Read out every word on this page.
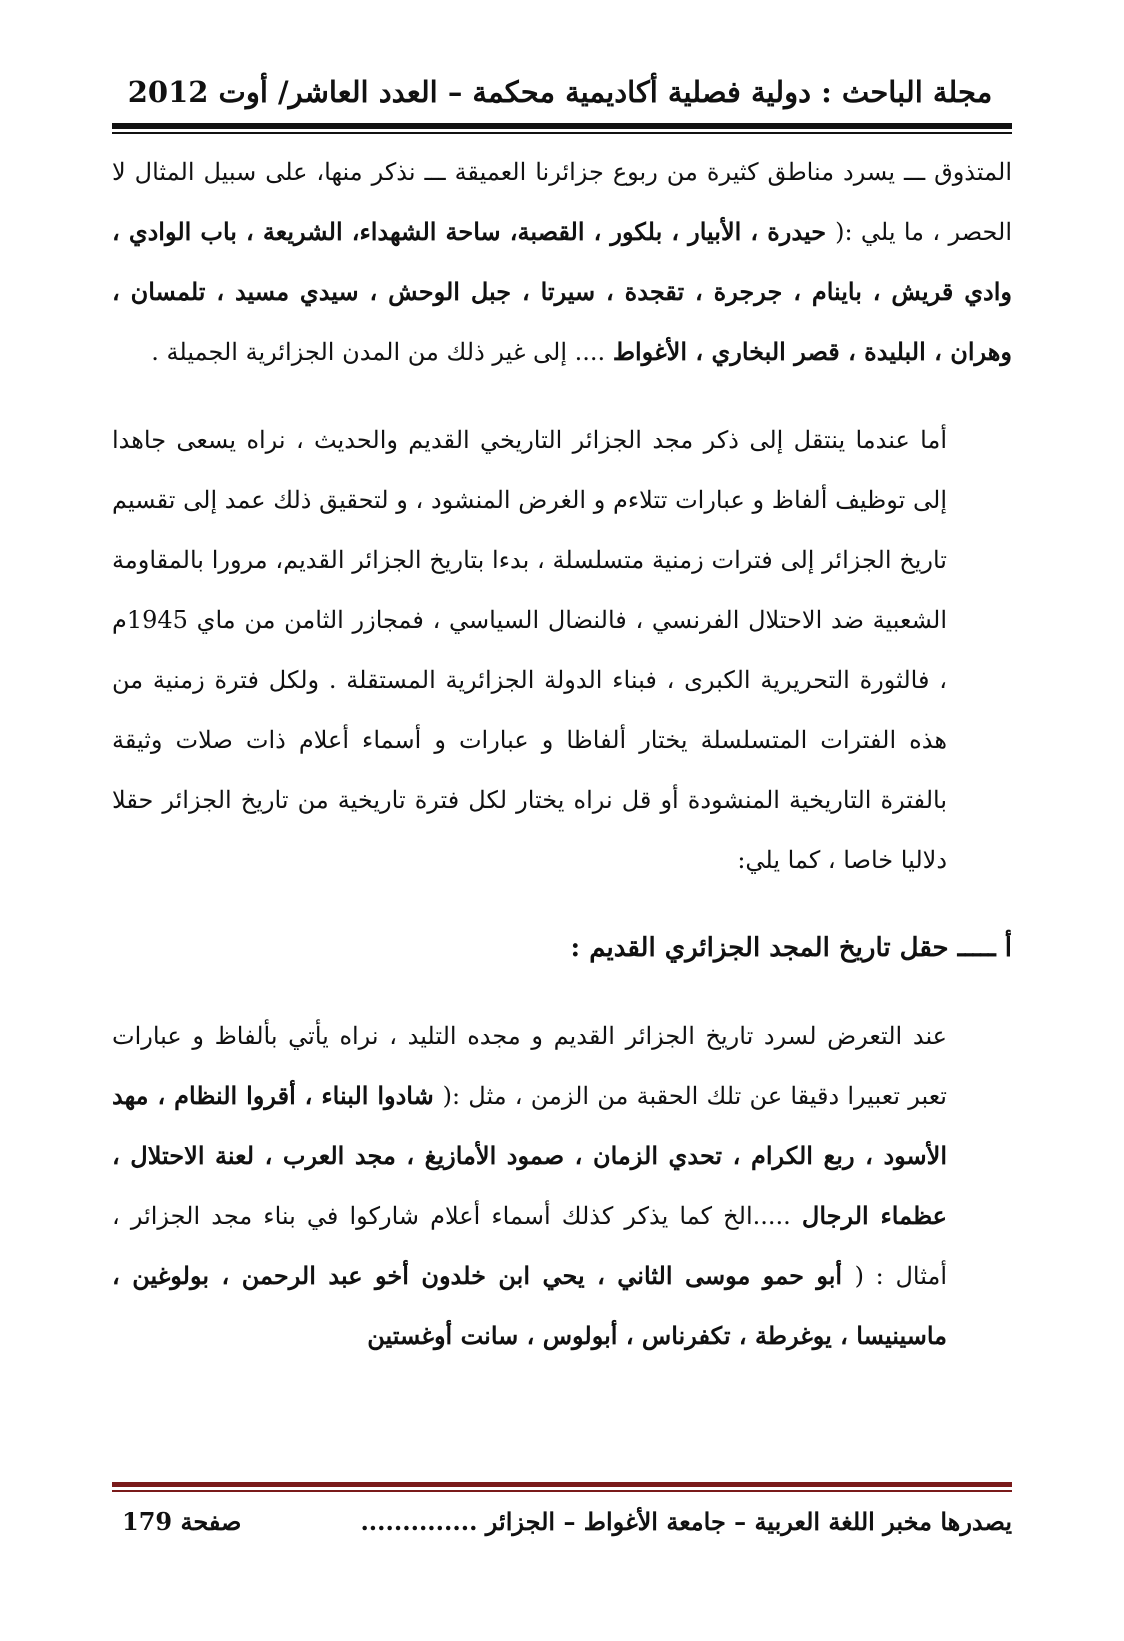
مجلة الباحث : دولية فصلية أكاديمية محكمة – العدد العاشر/ أوت 2012
المتذوق ـــ يسرد مناطق كثيرة من ربوع جزائرنا العميقة ـــ نذكر منها، على سبيل المثال لا الحصر ، ما يلي :( حيدرة ، الأبيار ، بلكور ، القصبة، ساحة الشهداء، الشريعة ، باب الوادي ، وادي قريش ، باينام ، جرجرة ، تقجدة ، سيرتا ، جبل الوحش ، سيدي مسيد ، تلمسان ، وهران ، البليدة ، قصر البخاري ، الأغواط .... إلى غير ذلك من المدن الجزائرية الجميلة .
أما عندما ينتقل إلى ذكر مجد الجزائر التاريخي القديم والحديث ، نراه يسعى جاهدا إلى توظيف ألفاظ و عبارات تتلاءم و الغرض المنشود ، و لتحقيق ذلك عمد إلى تقسيم تاريخ الجزائر إلى فترات زمنية متسلسلة ، بدءا بتاريخ الجزائر القديم، مرورا بالمقاومة الشعبية ضد الاحتلال الفرنسي ، فالنضال السياسي ، فمجازر الثامن من ماي 1945م ، فالثورة التحريرية الكبرى ، فبناء الدولة الجزائرية المستقلة . ولكل فترة زمنية من هذه الفترات المتسلسلة يختار ألفاظا و عبارات و أسماء أعلام ذات صلات وثيقة بالفترة التاريخية المنشودة أو قل نراه يختار لكل فترة تاريخية من تاريخ الجزائر حقلا دلاليا خاصا ، كما يلي:
أ ـــــ حقل تاريخ المجد الجزائري القديم :
عند التعرض لسرد تاريخ الجزائر القديم و مجده التليد ، نراه يأتي بألفاظ و عبارات تعبر تعبيرا دقيقا عن تلك الحقبة من الزمن ، مثل :( شادوا البناء ، أقروا النظام ، مهد الأسود ، ربع الكرام ، تحدي الزمان ، صمود الأمازيغ ، مجد العرب ، لعنة الاحتلال ، عظماء الرجال .....الخ كما يذكر كذلك أسماء أعلام شاركوا في بناء مجد الجزائر ، أمثال : ( أبو حمو موسى الثاني ، يحي ابن خلدون أخو عبد الرحمن ، بولوغين ، ماسينيسا ، يوغرطة ، تكفرناس ، أبولوس ، سانت أوغستين
يصدرها مخبر اللغة العربية – جامعة الأغواط – الجزائر ..............
صفحة 179
